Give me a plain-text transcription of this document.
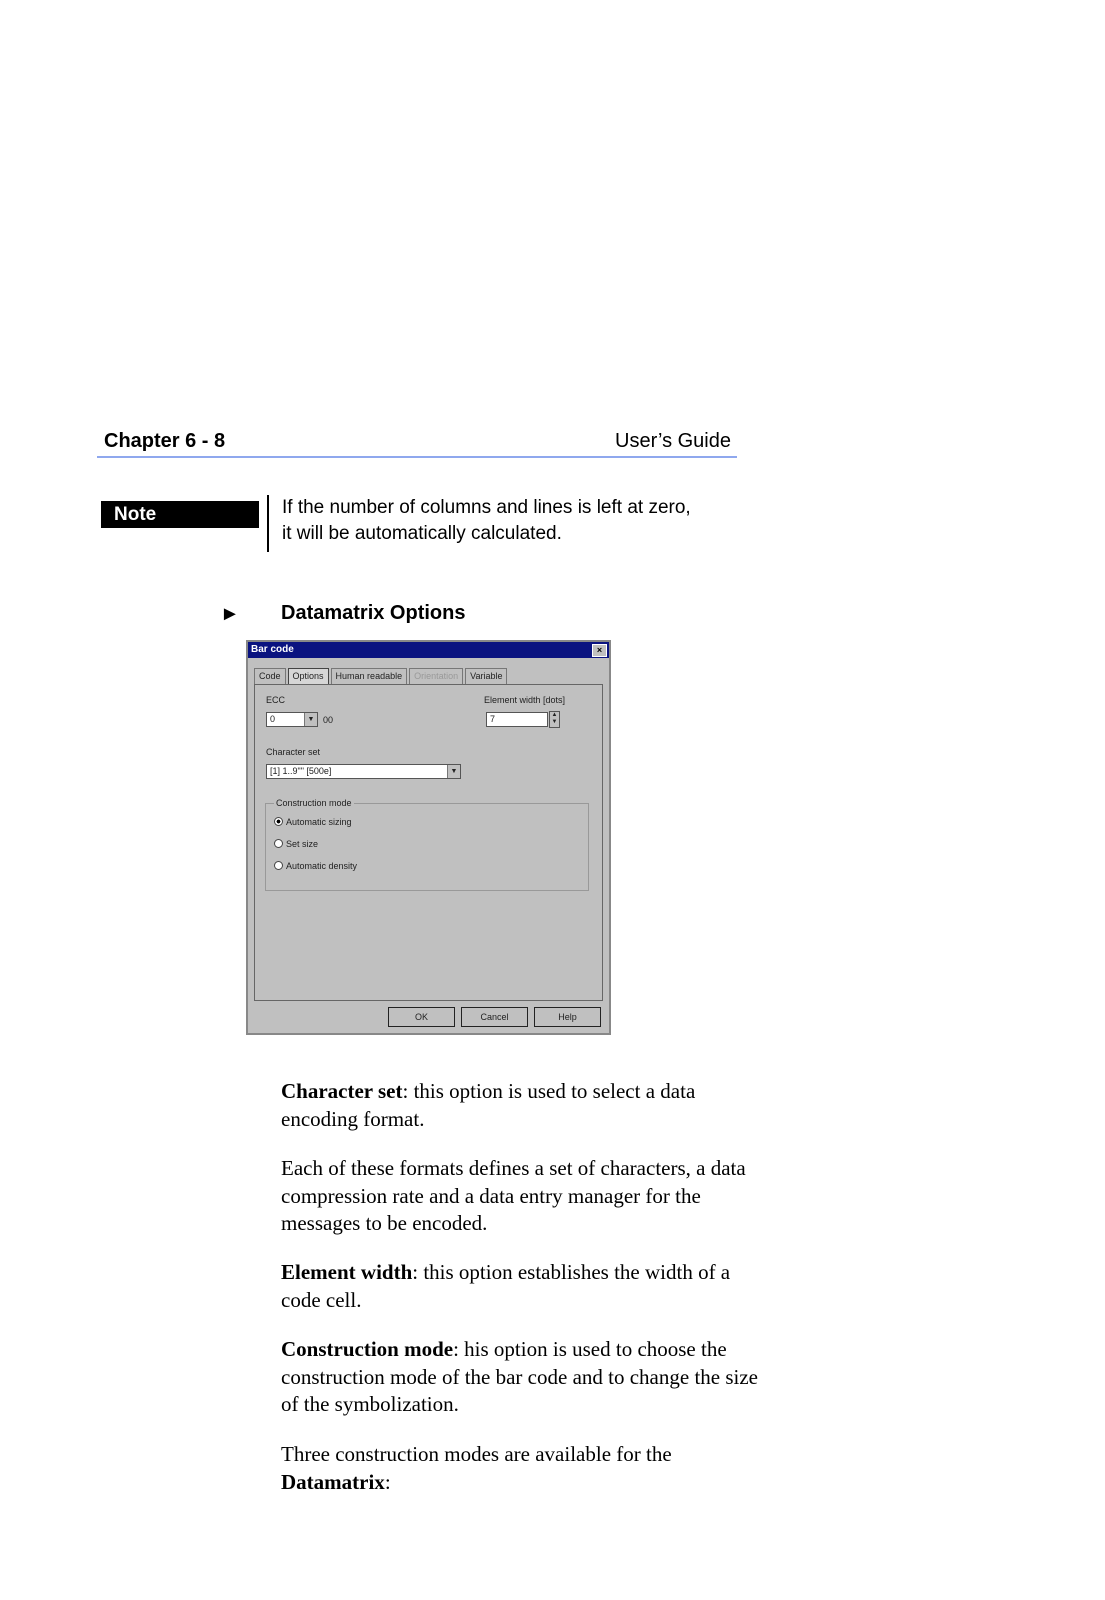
Chapter 6 - 8	User’s Guide
Note	If the number of columns and lines is left at zero,
it will be automatically calculated.
► Datamatrix Options
Bar code	×
Code	Options	Human readable	Orientation	Variable
ECC
0	▼ 00
Element width [dots]
7	▲
▼
Character set
[1] 1..9"" [500e]	▼
Construction mode
Automatic sizing
Set size
Automatic density
OK	Cancel	Help

Character set: this option is used to select a data encoding format.

Each of these formats defines a set of characters, a data compression rate and a data entry manager for the messages to be encoded.

Element width: this option establishes the width of a code cell.

Construction mode: his option is used to choose the construction mode of the bar code and to change the size of the symbolization.

Three construction modes are available for the Datamatrix:
